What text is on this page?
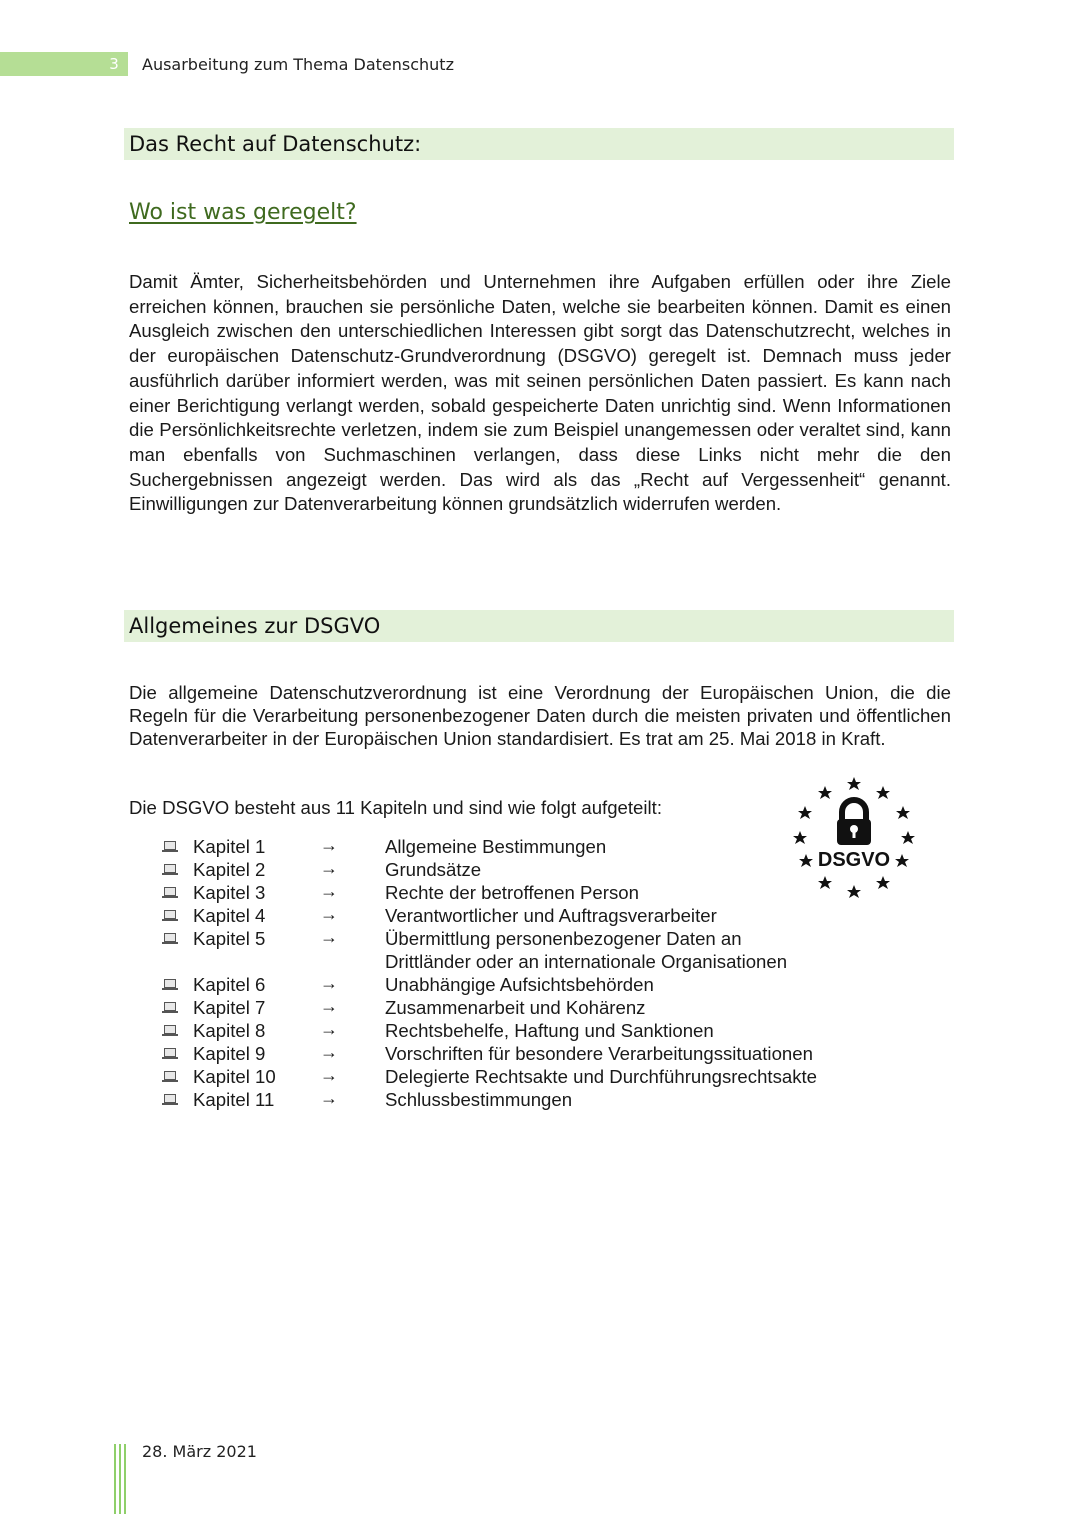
3	Ausarbeitung zum Thema Datenschutz
Das Recht auf Datenschutz:
Wo ist was geregelt?

Damit Ämter, Sicherheitsbehörden und Unternehmen ihre Aufgaben erfüllen oder ihre Ziele erreichen können, brauchen sie persönliche Daten, welche sie bearbeiten können. Damit es einen Ausgleich zwischen den unterschiedlichen Interessen gibt sorgt das Datenschutzrecht, welches in der europäischen Datenschutz-Grundverordnung (DSGVO) geregelt ist. Demnach muss jeder ausführlich darüber informiert werden, was mit seinen persönlichen Daten passiert. Es kann nach einer Berichtigung verlangt werden, sobald gespeicherte Daten unrichtig sind. Wenn Informationen die Persönlichkeitsrechte verletzen, indem sie zum Beispiel unangemessen oder veraltet sind, kann man ebenfalls von Suchmaschinen verlangen, dass diese Links nicht mehr die den Suchergebnissen angezeigt werden. Das wird als das „Recht auf Vergessenheit“ genannt. Einwilligungen zur Datenverarbeitung können grundsätzlich widerrufen werden.

Allgemeines zur DSGVO

Die allgemeine Datenschutzverordnung ist eine Verordnung der Europäischen Union, die die Regeln für die Verarbeitung personenbezogener Daten durch die meisten privaten und öffentlichen Datenverarbeiter in der Europäischen Union standardisiert. Es trat am 25. Mai 2018 in Kraft.

Die DSGVO besteht aus 11 Kapiteln und sind wie folgt aufgeteilt:
DSGVO
Kapitel 1	→	Allgemeine Bestimmungen
Kapitel 2	→	Grundsätze
Kapitel 3	→	Rechte der betroffenen Person
Kapitel 4	→	Verantwortlicher und Auftragsverarbeiter
Kapitel 5	→	Übermittlung personenbezogener Daten an Drittländer oder an internationale Organisationen
Kapitel 6	→	Unabhängige Aufsichtsbehörden
Kapitel 7	→	Zusammenarbeit und Kohärenz
Kapitel 8	→	Rechtsbehelfe, Haftung und Sanktionen
Kapitel 9	→	Vorschriften für besondere Verarbeitungssituationen
Kapitel 10 →	Delegierte Rechtsakte und Durchführungsrechtsakte
Kapitel 11	→	Schlussbestimmungen
28. März 2021
